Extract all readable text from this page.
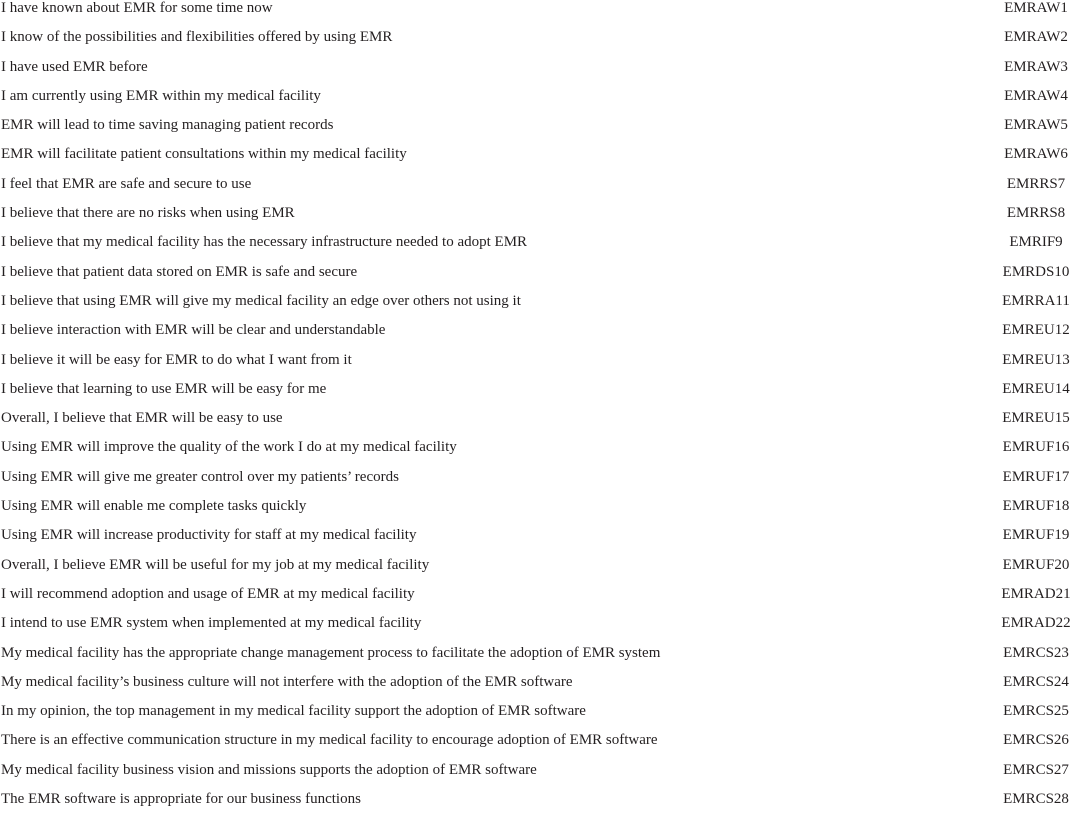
I have known about EMR for some time now	EMRAW1

I know of the possibilities and flexibilities offered by using EMR	EMRAW2

I have used EMR before	EMRAW3

I am currently using EMR within my medical facility	EMRAW4

EMR will lead to time saving managing patient records	EMRAW5

EMR will facilitate patient consultations within my medical facility	EMRAW6

I feel that EMR are safe and secure to use	EMRRS7

I believe that there are no risks when using EMR	EMRRS8

I believe that my medical facility has the necessary infrastructure needed to adopt EMR	EMRIF9

I believe that patient data stored on EMR is safe and secure	EMRDS10

I believe that using EMR will give my medical facility an edge over others not using it	EMRRA11

I believe interaction with EMR will be clear and understandable	EMREU12

I believe it will be easy for EMR to do what I want from it	EMREU13

I believe that learning to use EMR will be easy for me	EMREU14

Overall, I believe that EMR will be easy to use	EMREU15

Using EMR will improve the quality of the work I do at my medical facility	EMRUF16

Using EMR will give me greater control over my patients’ records	EMRUF17

Using EMR will enable me complete tasks quickly	EMRUF18

Using EMR will increase productivity for staff at my medical facility	EMRUF19

Overall, I believe EMR will be useful for my job at my medical facility	EMRUF20

I will recommend adoption and usage of EMR at my medical facility	EMRAD21

I intend to use EMR system when implemented at my medical facility	EMRAD22

My medical facility has the appropriate change management process to facilitate the adoption of EMR system	EMRCS23

My medical facility’s business culture will not interfere with the adoption of the EMR software	EMRCS24

In my opinion, the top management in my medical facility support the adoption of EMR software	EMRCS25

There is an effective communication structure in my medical facility to encourage adoption of EMR software	EMRCS26

My medical facility business vision and missions supports the adoption of EMR software	EMRCS27

The EMR software is appropriate for our business functions	EMRCS28
